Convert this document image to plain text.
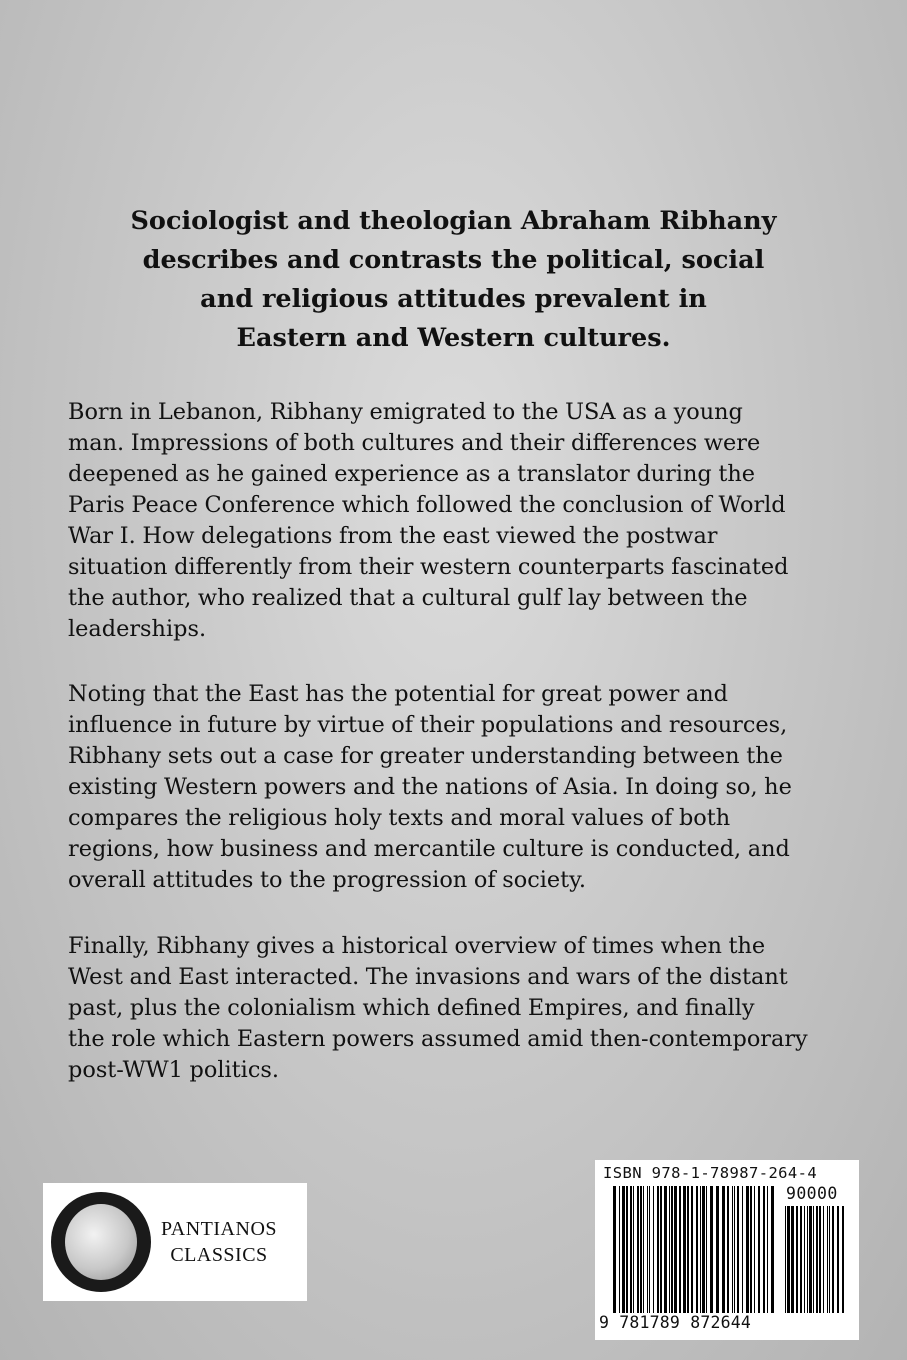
Sociologist and theologian Abraham Ribhany
describes and contrasts the political, social
and religious attitudes prevalent in
Eastern and Western cultures.
Born in Lebanon, Ribhany emigrated to the USA as a young
man. Impressions of both cultures and their differences were
deepened as he gained experience as a translator during the
Paris Peace Conference which followed the conclusion of World
War I. How delegations from the east viewed the postwar
situation differently from their western counterparts fascinated
the author, who realized that a cultural gulf lay between the
leaderships.
Noting that the East has the potential for great power and
influence in future by virtue of their populations and resources,
Ribhany sets out a case for greater understanding between the
existing Western powers and the nations of Asia. In doing so, he
compares the religious holy texts and moral values of both
regions, how business and mercantile culture is conducted, and
overall attitudes to the progression of society.
Finally, Ribhany gives a historical overview of times when the
West and East interacted. The invasions and wars of the distant
past, plus the colonialism which defined Empires, and finally
the role which Eastern powers assumed amid then-contemporary
post-WW1 politics.
PANTIANOS
CLASSICS
ISBN 978-1-78987-264-4
90000
9 781789 872644
